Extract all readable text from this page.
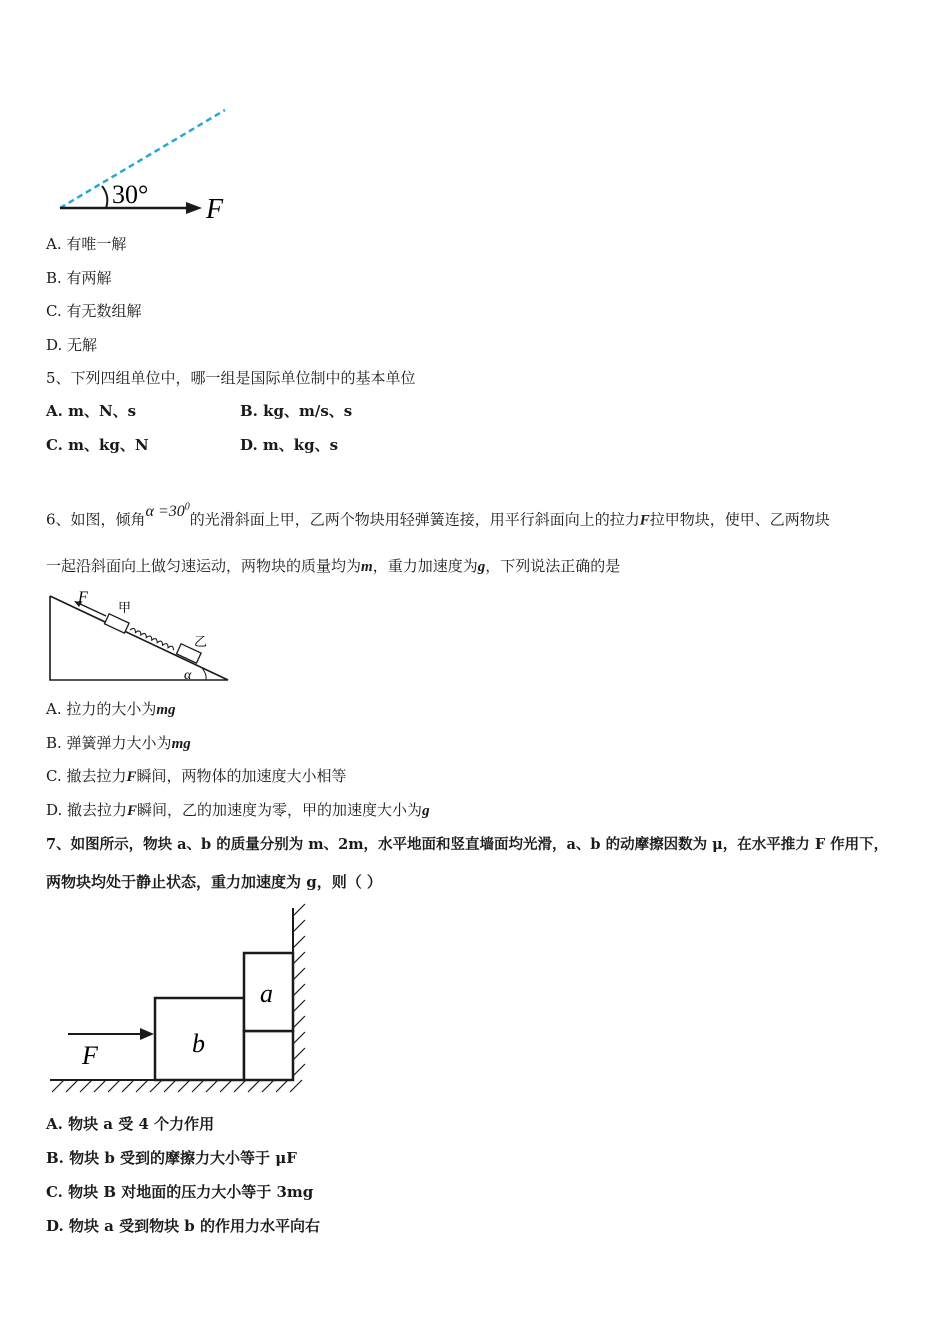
30° F
A. 有唯一解
B. 有两解
C. 有无数组解
D. 无解
5、下列四组单位中，哪一组是国际单位制中的基本单位
A. m、N、s	B. kg、m/s、s
C. m、kg、N	D. m、kg、s
6、如图，倾角$\alpha =30^0$的光滑斜面上甲，乙两个物块用轻弹簧连接，用平行斜面向上的拉力F拉甲物块，使甲、乙两物块
一起沿斜面向上做匀速运动，两物块的质量均为m，重力加速度为g，下列说法正确的是
F
甲
乙
α
A. 拉力的大小为mg
B. 弹簧弹力大小为mg
C. 撤去拉力F瞬间，两物体的加速度大小相等
D. 撤去拉力F瞬间，乙的加速度为零，甲的加速度大小为g
7、如图所示，物块 a、b 的质量分别为 m、2m，水平地面和竖直墙面均光滑，a、b 的动摩擦因数为 μ，在水平推力 F 作用下，
两物块均处于静止状态，重力加速度为 g，则（ ）
b
a
F
A. 物块 a 受 4 个力作用
B. 物块 b 受到的摩擦力大小等于 μF
C. 物块 B 对地面的压力大小等于 3mg
D. 物块 a 受到物块 b 的作用力水平向右
